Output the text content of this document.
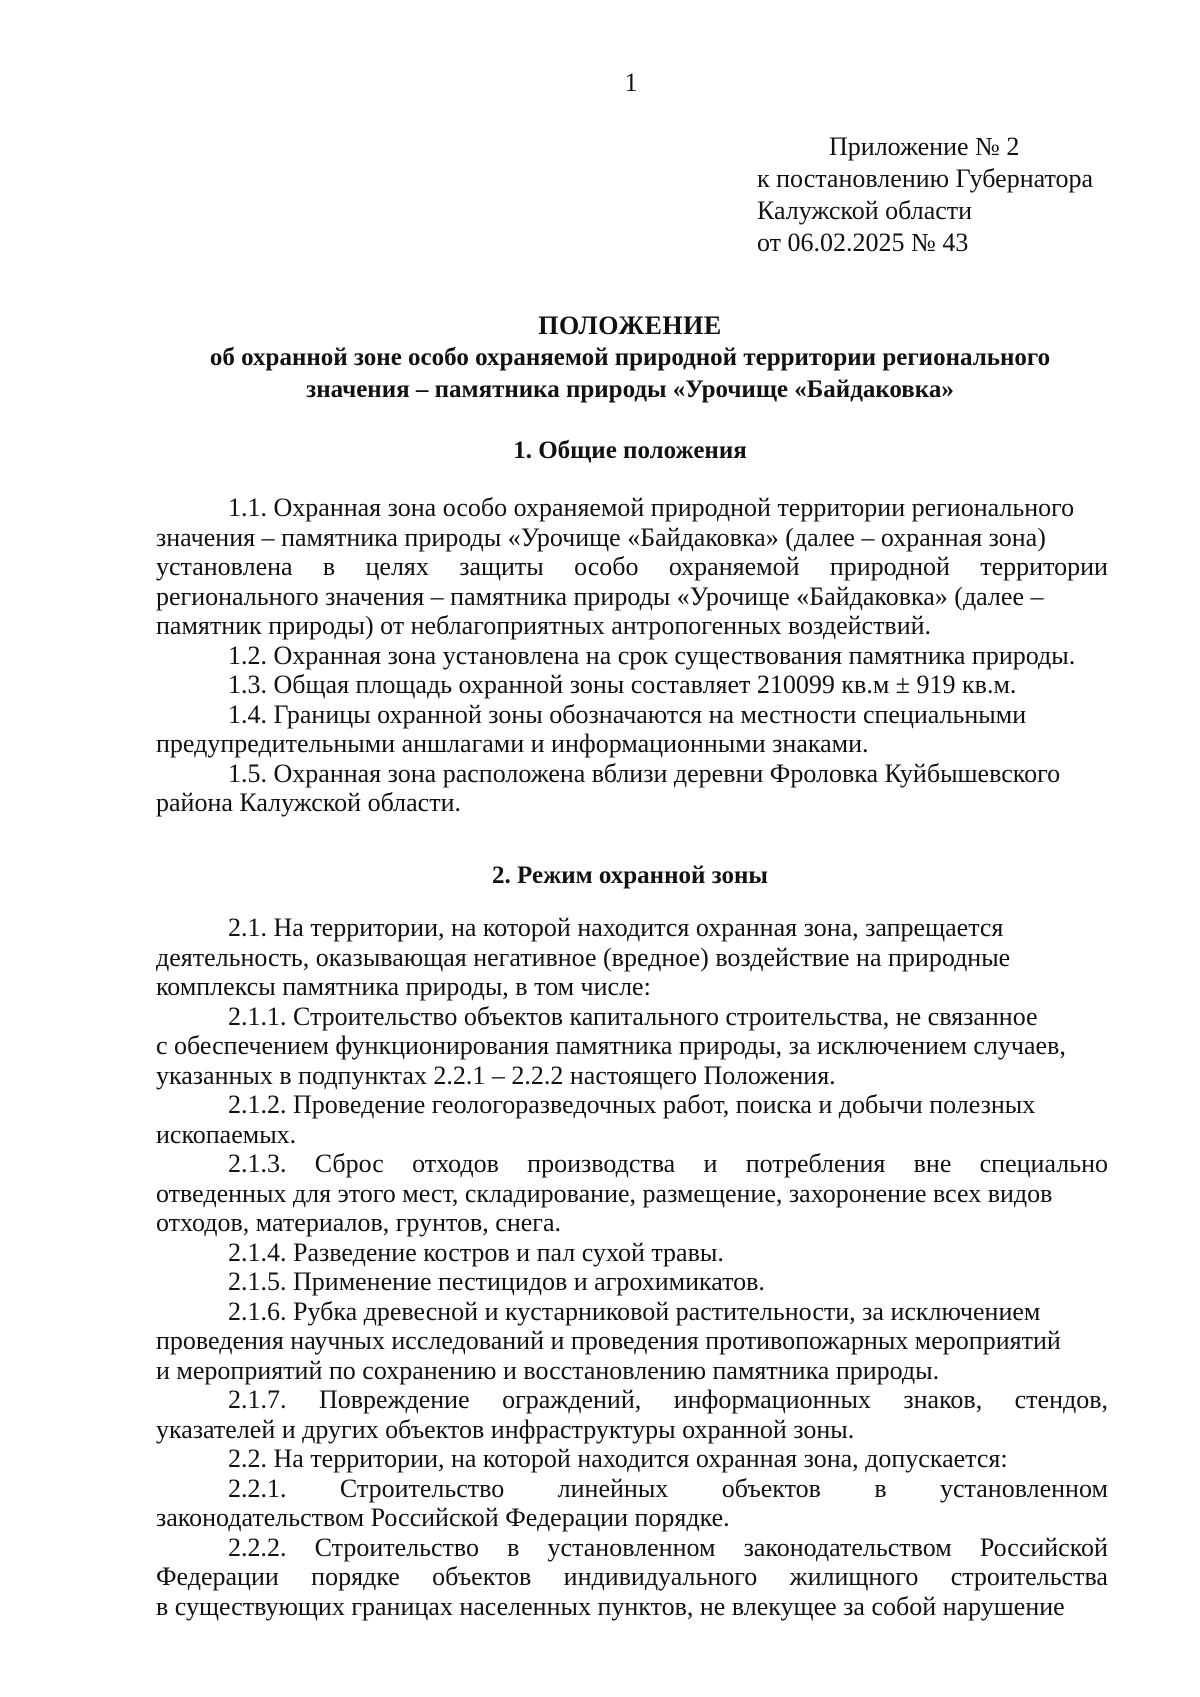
1
Приложение № 2
к постановлению Губернатора
Калужской области
от 06.02.2025 № 43
ПОЛОЖЕНИЕ
об охранной зоне особо охраняемой природной территории регионального
значения – памятника природы «Урочище «Байдаковка»
1. Общие положения
1.1. Охранная зона особо охраняемой природной территории регионального
значения – памятника природы «Урочище «Байдаковка» (далее – охранная зона)
установлена в целях защиты особо охраняемой природной территории
регионального значения – памятника природы «Урочище «Байдаковка» (далее –
памятник природы) от неблагоприятных антропогенных воздействий.
1.2. Охранная зона установлена на срок существования памятника природы.
1.3. Общая площадь охранной зоны составляет 210099 кв.м ± 919 кв.м.
1.4. Границы охранной зоны обозначаются на местности специальными
предупредительными аншлагами и информационными знаками.
1.5. Охранная зона расположена вблизи деревни Фроловка Куйбышевского
района Калужской области.
2. Режим охранной зоны
2.1. На территории, на которой находится охранная зона, запрещается
деятельность, оказывающая негативное (вредное) воздействие на природные
комплексы памятника природы, в том числе:
2.1.1. Строительство объектов капитального строительства, не связанное
с обеспечением функционирования памятника природы, за исключением случаев,
указанных в подпунктах 2.2.1 – 2.2.2 настоящего Положения.
2.1.2. Проведение геологоразведочных работ, поиска и добычи полезных
ископаемых.
2.1.3. Сброс отходов производства и потребления вне специально
отведенных для этого мест, складирование, размещение, захоронение всех видов
отходов, материалов, грунтов, снега.
2.1.4. Разведение костров и пал сухой травы.
2.1.5. Применение пестицидов и агрохимикатов.
2.1.6. Рубка древесной и кустарниковой растительности, за исключением
проведения научных исследований и проведения противопожарных мероприятий
и мероприятий по сохранению и восстановлению памятника природы.
2.1.7. Повреждение ограждений, информационных знаков, стендов,
указателей и других объектов инфраструктуры охранной зоны.
2.2. На территории, на которой находится охранная зона, допускается:
2.2.1. Строительство линейных объектов в установленном
законодательством Российской Федерации порядке.
2.2.2. Строительство в установленном законодательством Российской
Федерации порядке объектов индивидуального жилищного строительства
в существующих границах населенных пунктов, не влекущее за собой нарушение
